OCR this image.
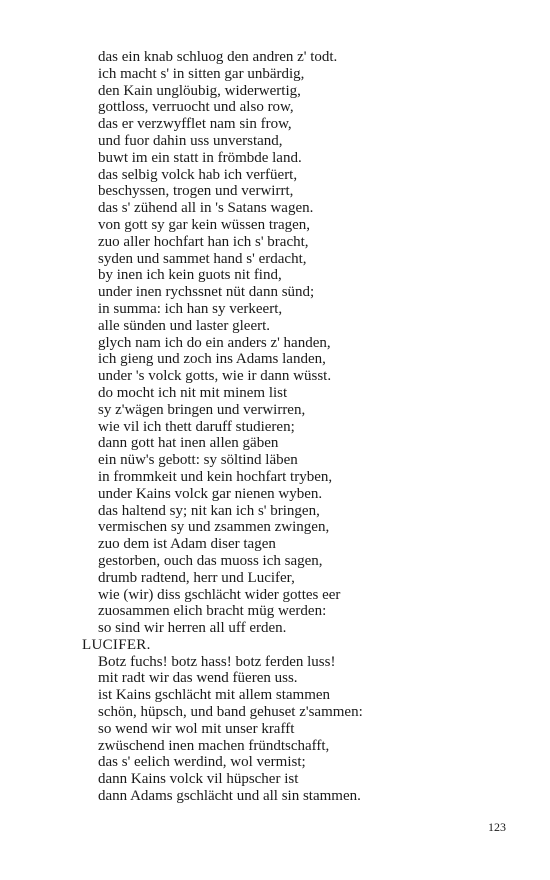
das ein knab schluog den andren z' todt.
ich macht s' in sitten gar unbärdig,
den Kain unglöubig, widerwertig,
gottloss, verruocht und also row,
das er verzwyfflet nam sin frow,
und fuor dahin uss unverstand,
buwt im ein statt in frömbde land.
das selbig volck hab ich verfüert,
beschyssen, trogen und verwirrt,
das s' zühend all in 's Satans wagen.
von gott sy gar kein wüssen tragen,
zuo aller hochfart han ich s' bracht,
syden und sammet hand s' erdacht,
by inen ich kein guots nit find,
under inen rychssnet nüt dann sünd;
in summa: ich han sy verkeert,
alle sünden und laster gleert.
glych nam ich do ein anders z' handen,
ich gieng und zoch ins Adams landen,
under 's volck gotts, wie ir dann wüsst.
do mocht ich nit mit minem list
sy z'wägen bringen und verwirren,
wie vil ich thett daruff studieren;
dann gott hat inen allen gäben
ein nüw's gebott: sy söltind läben
in frommkeit und kein hochfart tryben,
under Kains volck gar nienen wyben.
das haltend sy; nit kan ich s' bringen,
vermischen sy und zsammen zwingen,
zuo dem ist Adam diser tagen
gestorben, ouch das muoss ich sagen,
drumb radtend, herr und Lucifer,
wie (wir) diss gschlächt wider gottes eer
zuosammen elich bracht müg werden:
so sind wir herren all uff erden.
LUCIFER.
Botz fuchs! botz hass! botz ferden luss!
mit radt wir das wend füeren uss.
ist Kains gschlächt mit allem stammen
schön, hüpsch, und band gehuset z'sammen:
so wend wir wol mit unser krafft
zwüschend inen machen fründtschafft,
das s' eelich werdind, wol vermist;
dann Kains volck vil hüpscher ist
dann Adams gschlächt und all sin stammen.
123
